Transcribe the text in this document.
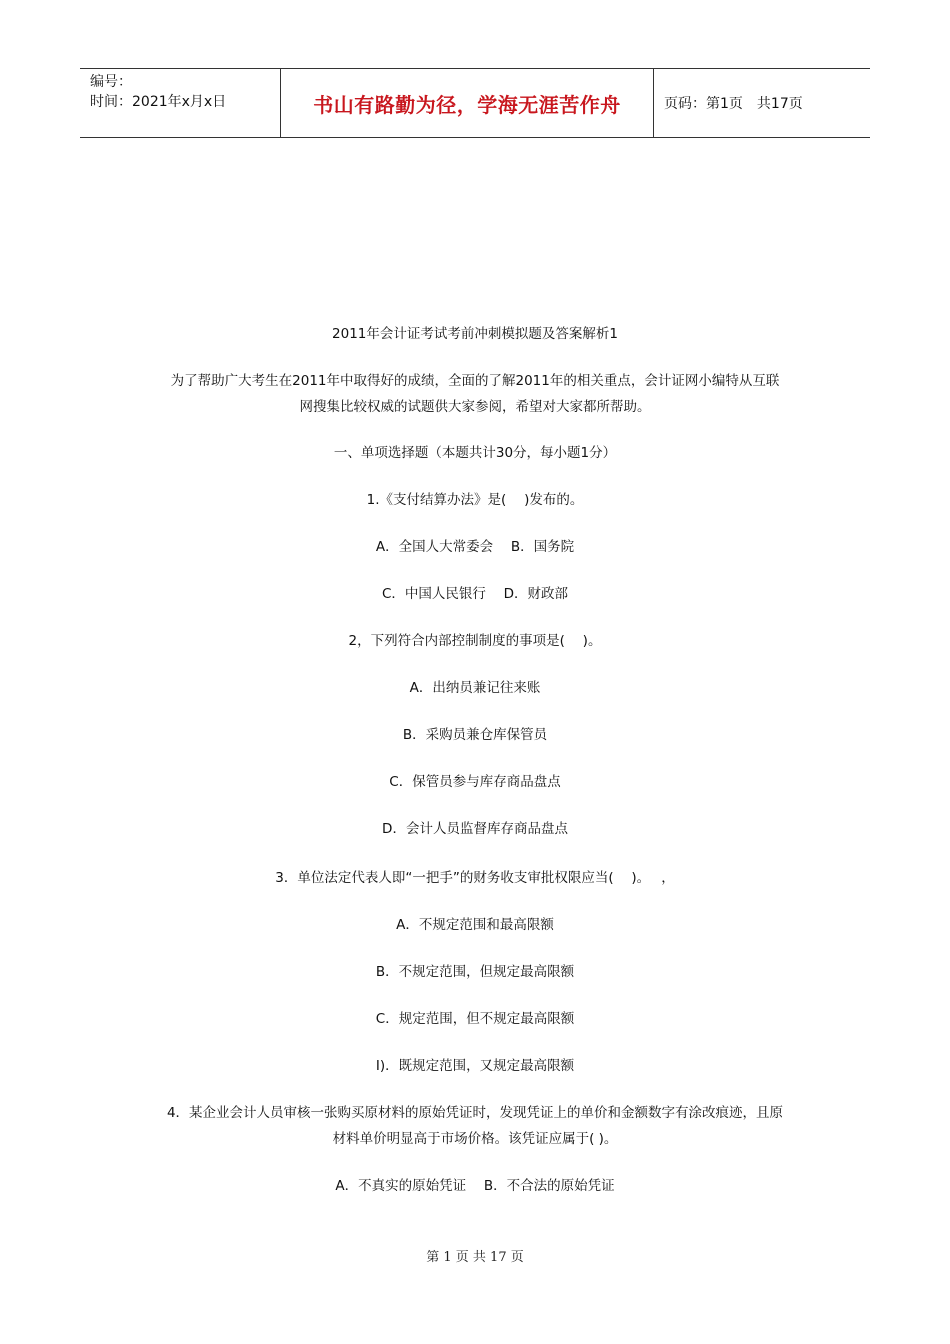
编号：
时间：2021年x月x日	书山有路勤为径，学海无涯苦作舟	页码：第1页　共17页
2011年会计证考试考前冲刺模拟题及答案解析1
为了帮助广大考生在2011年中取得好的成绩，全面的了解2011年的相关重点，会计证网小编特从互联
网搜集比较权威的试题供大家参阅，希望对大家都所帮助。
一、单项选择题（本题共计30分，每小题1分）
1.《支付结算办法》是(　 )发布的。
A．全国人大常委会　 B．国务院
C．中国人民银行　 D．财政部
2，下列符合内部控制制度的事项是(　 )。
A．出纳员兼记往来账
B．采购员兼仓库保管员
C．保管员参与库存商品盘点
D．会计人员监督库存商品盘点
3．单位法定代表人即“一把手”的财务收支审批权限应当(　 )。　 ，
A．不规定范围和最高限额
B．不规定范围，但规定最高限额
C．规定范围，但不规定最高限额
I)．既规定范围，又规定最高限额
4．某企业会计人员审核一张购买原材料的原始凭证时，发现凭证上的单价和金额数字有涂改痕迹，且原
材料单价明显高于市场价格。该凭证应属于( )。
A．不真实的原始凭证　 B．不合法的原始凭证
第 1 页 共 17 页
